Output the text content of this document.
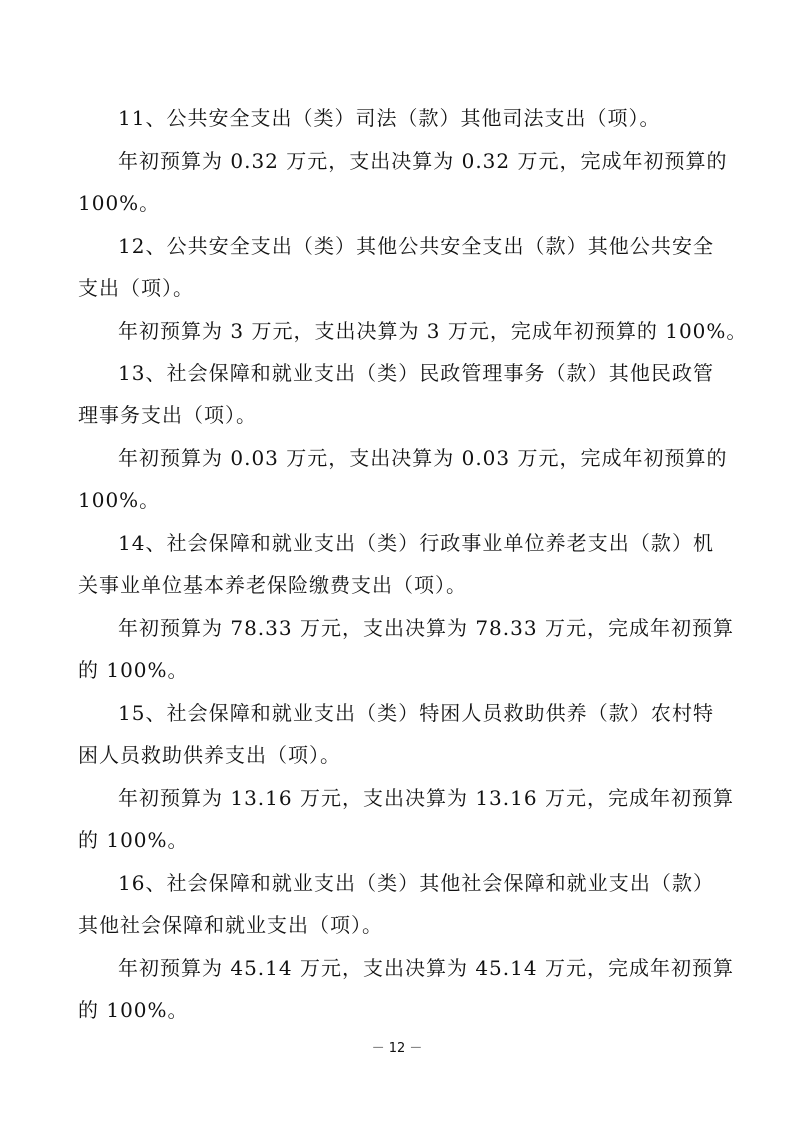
11、公共安全支出（类）司法（款）其他司法支出（项）。
年初预算为 0.32 万元，支出决算为 0.32 万元，完成年初预算的
100%。
12、公共安全支出（类）其他公共安全支出（款）其他公共安全
支出（项）。
年初预算为 3 万元，支出决算为 3 万元，完成年初预算的 100%。
13、社会保障和就业支出（类）民政管理事务（款）其他民政管
理事务支出（项）。
年初预算为 0.03 万元，支出决算为 0.03 万元，完成年初预算的
100%。
14、社会保障和就业支出（类）行政事业单位养老支出（款）机
关事业单位基本养老保险缴费支出（项）。
年初预算为 78.33 万元，支出决算为 78.33 万元，完成年初预算
的 100%。
15、社会保障和就业支出（类）特困人员救助供养（款）农村特
困人员救助供养支出（项）。
年初预算为 13.16 万元，支出决算为 13.16 万元，完成年初预算
的 100%。
16、社会保障和就业支出（类）其他社会保障和就业支出（款）
其他社会保障和就业支出（项）。
年初预算为 45.14 万元，支出决算为 45.14 万元，完成年初预算
的 100%。
－ 12 －
